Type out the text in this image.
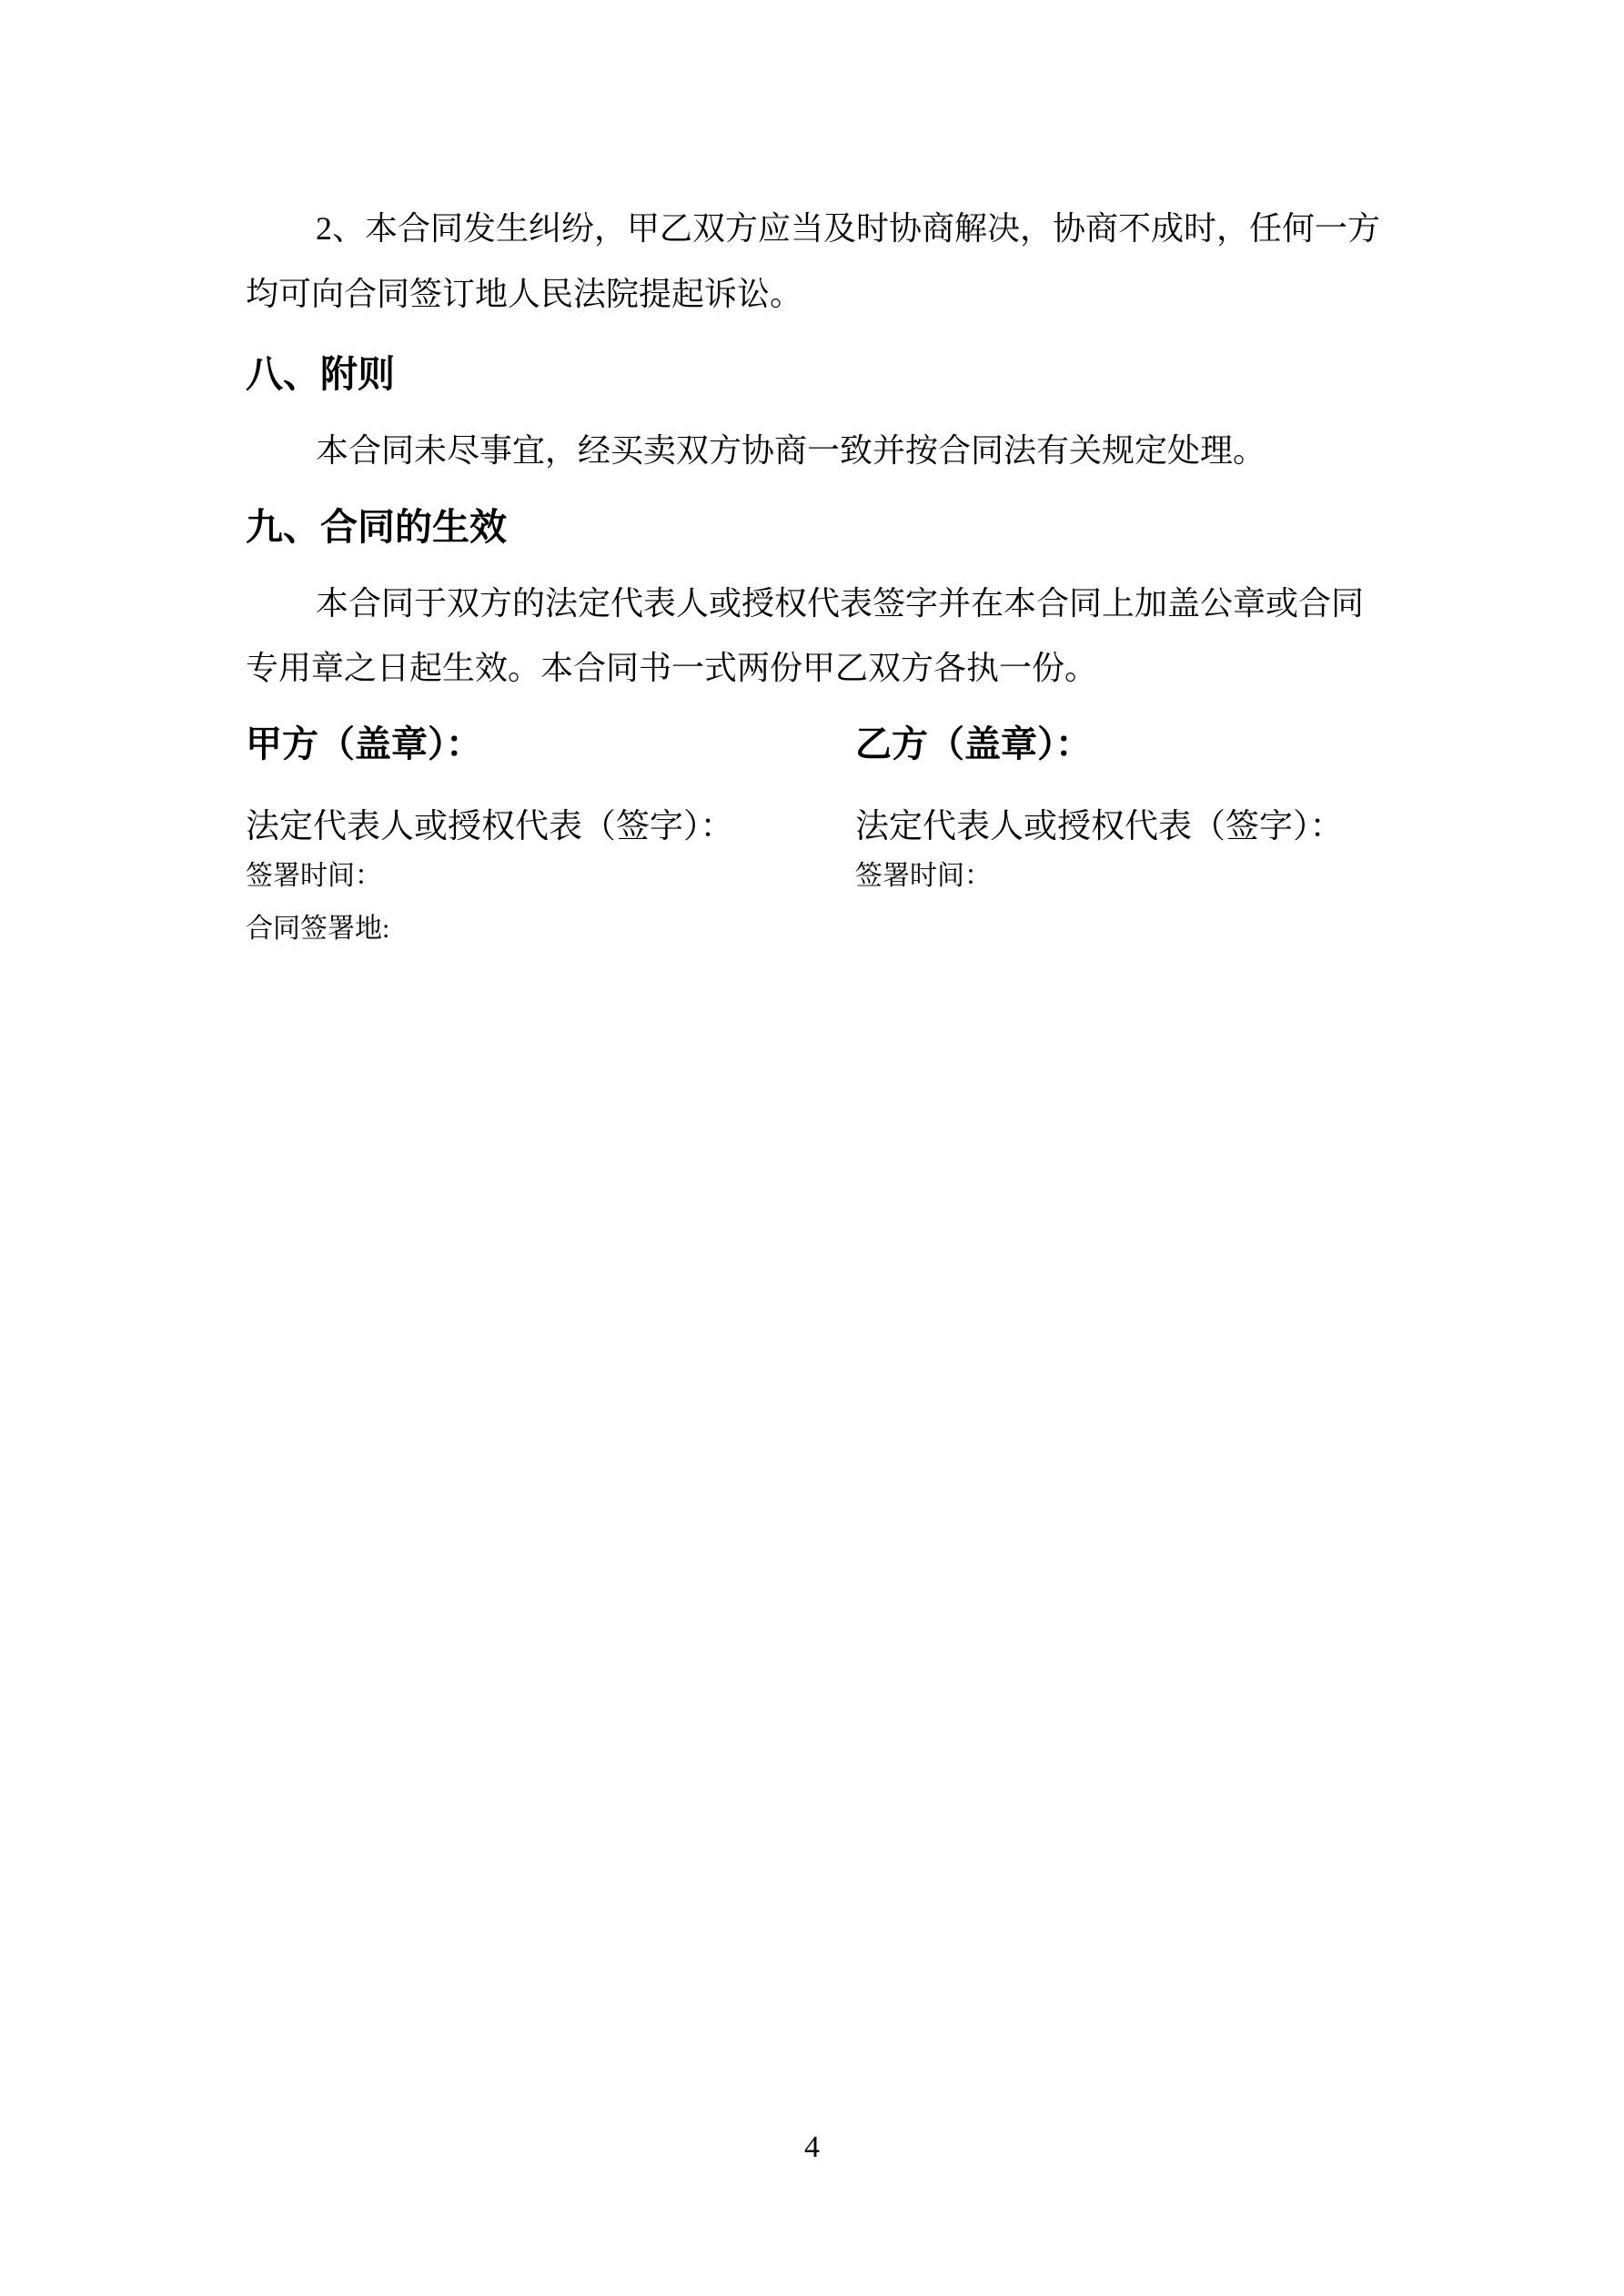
2、本合同发生纠纷，甲乙双方应当及时协商解决，协商不成时，任何一方
均可向合同签订地人民法院提起诉讼。
八、附则
本合同未尽事宜，经买卖双方协商一致并按合同法有关规定处理。
九、合同的生效
本合同于双方的法定代表人或授权代表签字并在本合同上加盖公章或合同
专用章之日起生效。本合同书一式两份甲乙双方各执一份。
甲方（盖章）：
法定代表人或授权代表（签字）：
签署时间：
合同签署地:
乙方（盖章）：
法定代表人或授权代表（签字）：
签署时间：
4
